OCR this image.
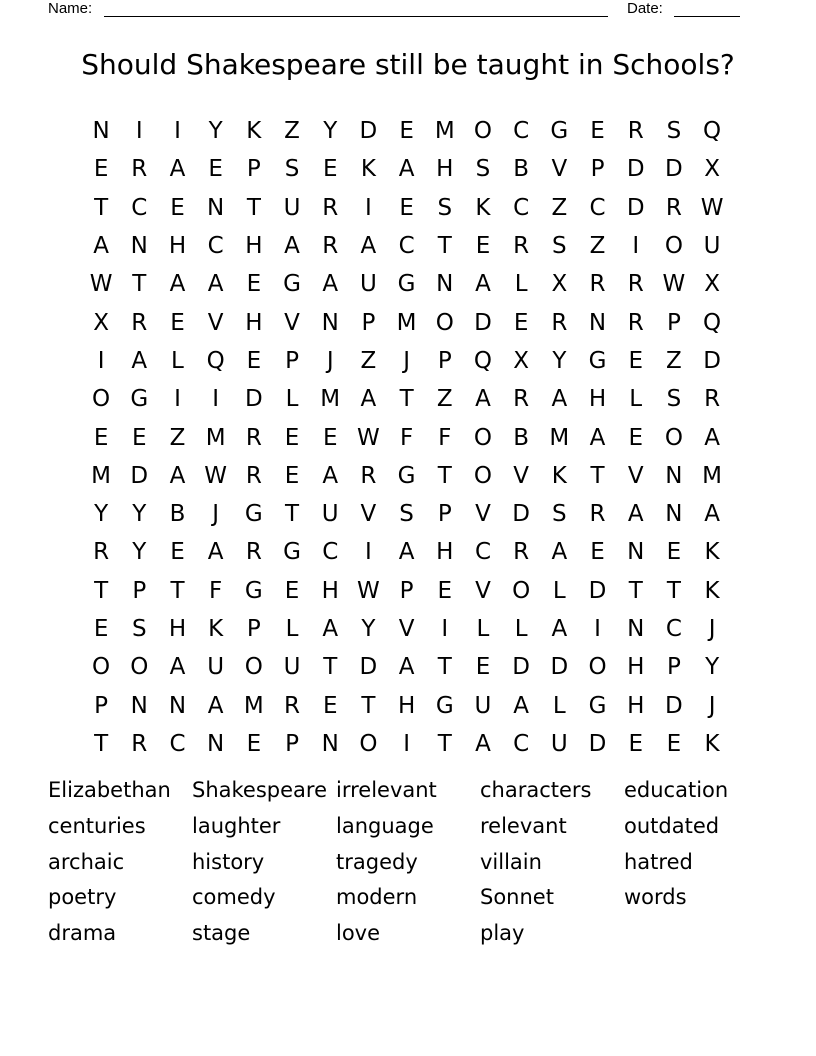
Name:	Date:
Should Shakespeare still be taught in Schools?
N	I	I	Y	K Z	Y D E M O C G E R S Q
E R A	E	P	S	E	K A H S	B V	P D D X
T	C E N T U R	I	E	S	K C Z C D R W
A N H C H A R A C	T	E R S	Z	I	O U
W T	A A	E G A U G N A	L	X R R W X
X R E	V H V N P M O D E R N R	P Q
I	A	L Q E	P	J	Z	J	P Q X	Y G E	Z D
O G	I	I	D L M A	T	Z A R A H	L	S R
E	E	Z M R E	E W F	F O B M A	E O A
M D A W R E	A R G T O V K	T	V N M
Y	Y	B	J	G T U V	S	P	V D S R A N A
R	Y	E	A R G C	I	A H C R A	E N E	K
T	P	T	F G E H W P	E	V O L D T	T	K
E	S H K	P	L	A	Y	V	I	L	L	A	I	N C	J
O O A U O U T D A	T	E D D O H P	Y
P N N A M R E	T H G U A	L G H D	J
T	R C N E	P N O	I	T	A C U D E	E	K
Elizabethan	Shakespeare irrelevant	characters	education
centuries	laughter	language	relevant	outdated
archaic	history	tragedy	villain	hatred
poetry	comedy	modern	Sonnet	words
drama	stage	love	play
